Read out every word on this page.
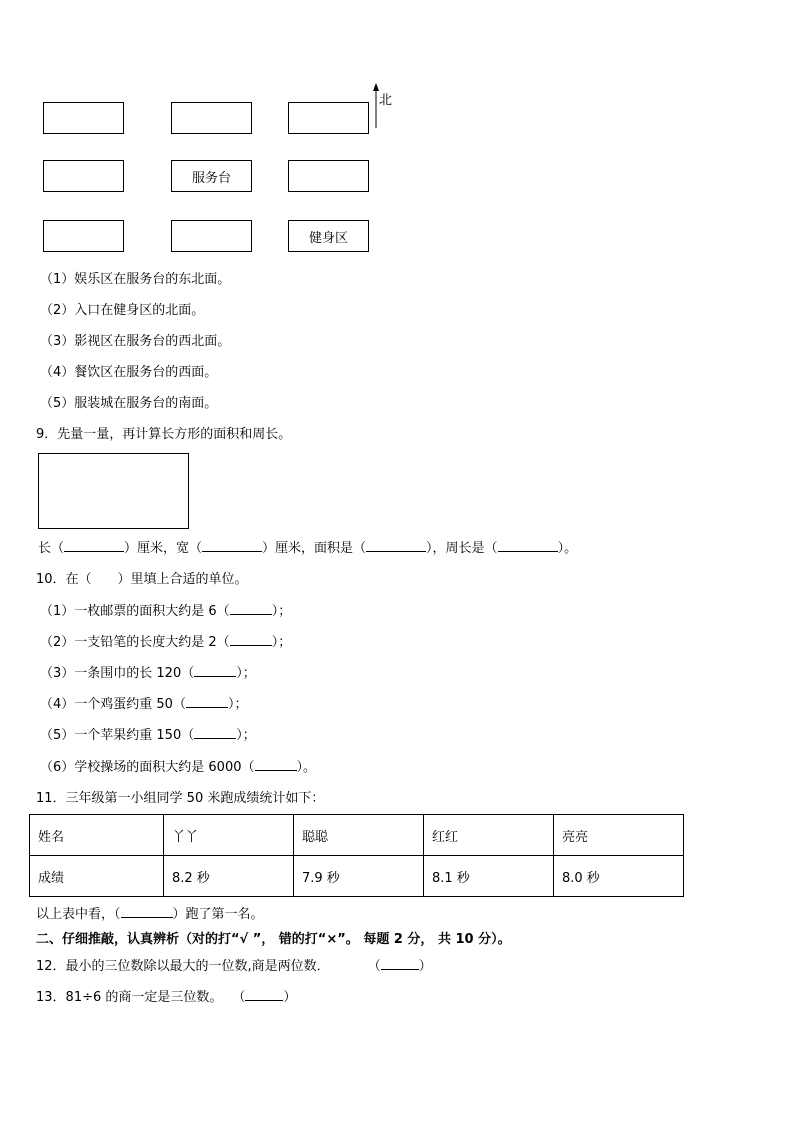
服务台
健身区
北
（1）娱乐区在服务台的东北面。
（2）入口在健身区的北面。
（3）影视区在服务台的西北面。
（4）餐饮区在服务台的西面。
（5）服装城在服务台的南面。
9．先量一量，再计算长方形的面积和周长。
长（	）厘米，宽（	）厘米，面积是（	），周长是（	）。
10．在（　　）里填上合适的单位。
（1）一枚邮票的面积大约是 6（	）；
（2）一支铅笔的长度大约是 2（	）；
（3）一条围巾的长 120（	）；
（4）一个鸡蛋约重 50（	）；
（5）一个苹果约重 150（	）；
（6）学校操场的面积大约是 6000（	）。
11．三年级第一小组同学 50 米跑成绩统计如下：
姓名	丫丫	聪聪	红红	亮亮
成绩	8.2 秒	7.9 秒	8.1 秒	8.0 秒
以上表中看，（	）跑了第一名。
二、仔细推敲，认真辨析（对的打“√ ”， 错的打“×”。 每题 2 分， 共 10 分）。
12．最小的三位数除以最大的一位数,商是两位数．	（	）
13．81÷6 的商一定是三位数。 （	）
